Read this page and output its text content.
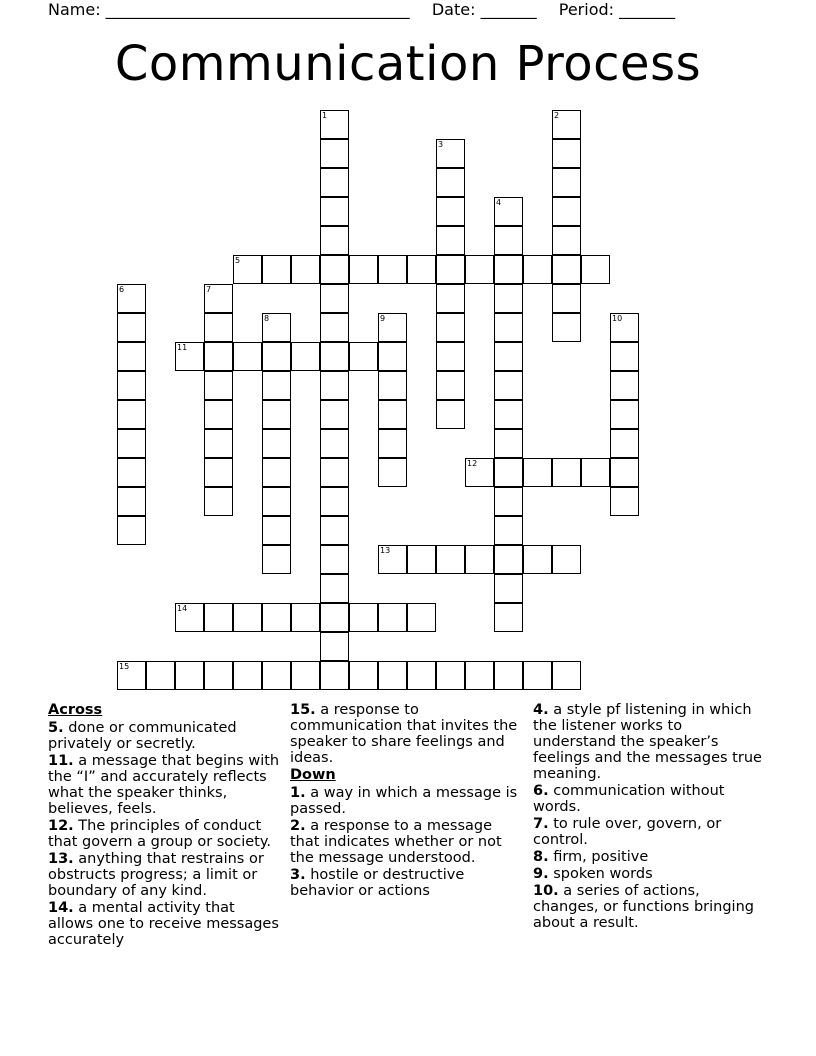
Name: ______________________________________ Date: _______ Period: _______
Communication Process
1	2
3
4
5
6	7
8	9	10
11
12
13
14
15
Across
5. done or communicated privately or secretly.
11. a message that begins with the “I” and accurately reflects what the speaker thinks, believes, feels.
12. The principles of conduct that govern a group or society.
13. anything that restrains or obstructs progress; a limit or boundary of any kind.
14. a mental activity that allows one to receive messages accurately
15. a response to communication that invites the speaker to share feelings and ideas.
Down
1. a way in which a message is passed.
2. a response to a message that indicates whether or not the message understood.
3. hostile or destructive behavior or actions
4. a style pf listening in which the listener works to understand the speaker’s feelings and the messages true meaning.
6. communication without words.
7. to rule over, govern, or control.
8. firm, positive
9. spoken words
10. a series of actions, changes, or functions bringing about a result.
